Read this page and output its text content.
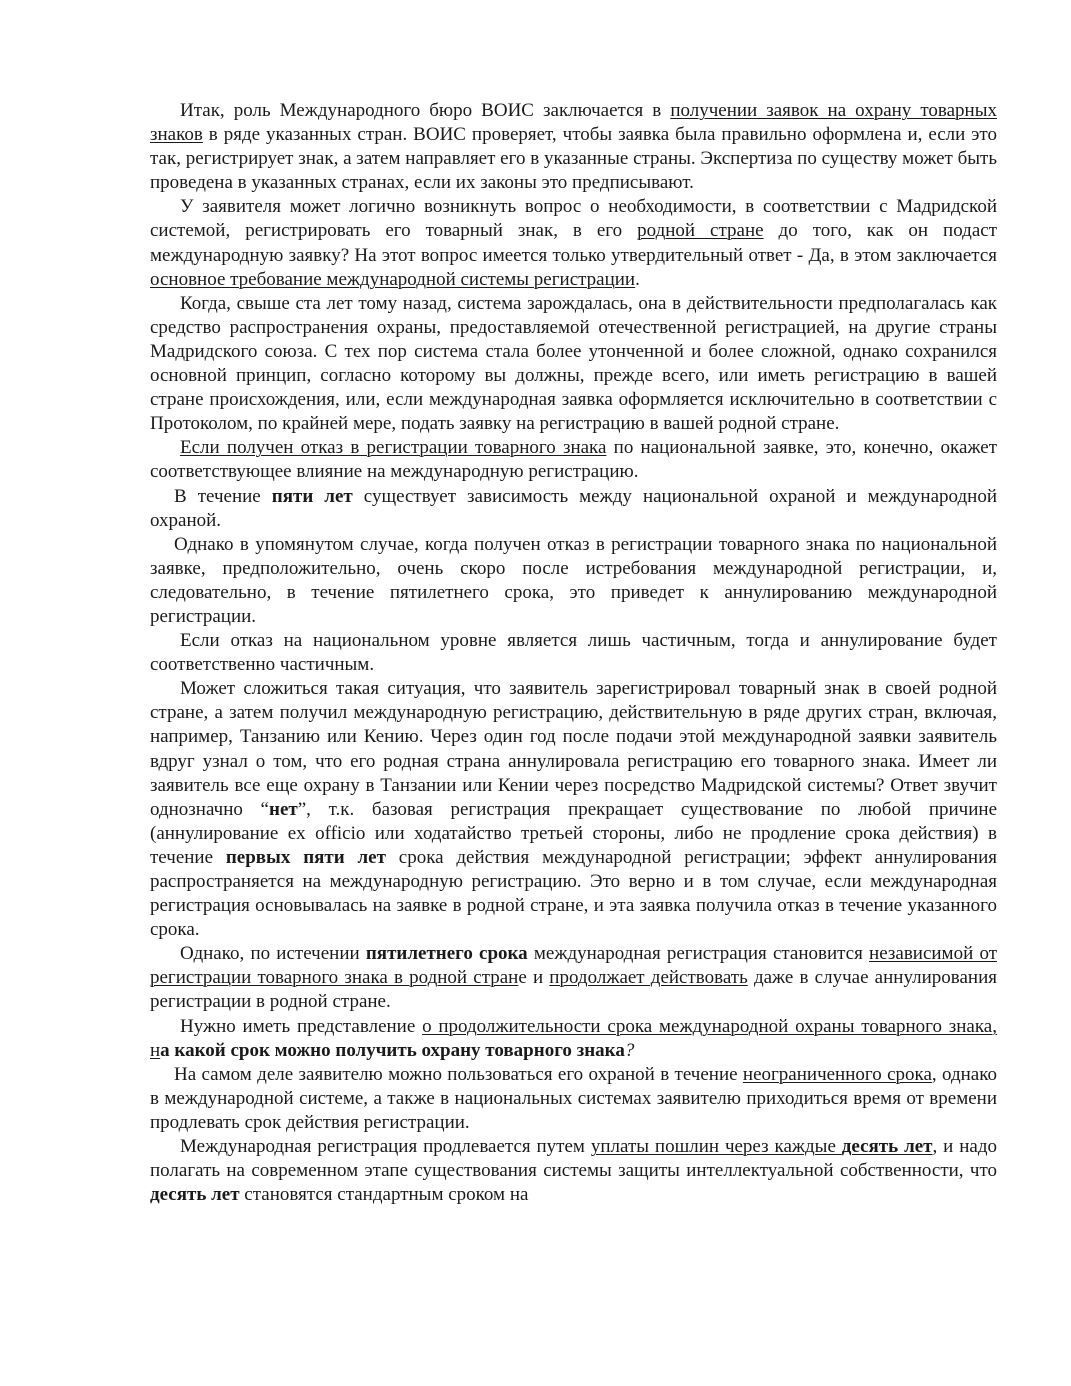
Итак, роль Международного бюро ВОИС заключается в получении заявок на охрану товарных знаков в ряде указанных стран. ВОИС проверяет, чтобы заявка была правильно оформлена и, если это так, регистрирует знак, а затем направляет его в указанные страны. Экспертиза по существу может быть проведена в указанных странах, если их законы это предписывают.

У заявителя может логично возникнуть вопрос о необходимости, в соответствии с Мадридской системой, регистрировать его товарный знак, в его родной стране до того, как он подаст международную заявку? На этот вопрос имеется только утвердительный ответ - Да, в этом заключается основное требование международной системы регистрации.

Когда, свыше ста лет тому назад, система зарождалась, она в действительности предполагалась как средство распространения охраны, предоставляемой отечественной регистрацией, на другие страны Мадридского союза. С тех пор система стала более утонченной и более сложной, однако сохранился основной принцип, согласно которому вы должны, прежде всего, или иметь регистрацию в вашей стране происхождения, или, если международная заявка оформляется исключительно в соответствии с Протоколом, по крайней мере, подать заявку на регистрацию в вашей родной стране.

Если получен отказ в регистрации товарного знака по национальной заявке, это, конечно, окажет соответствующее влияние на международную регистрацию.

В течение пяти лет существует зависимость между национальной охраной и международной охраной.

Однако в упомянутом случае, когда получен отказ в регистрации товарного знака по национальной заявке, предположительно, очень скоро после истребования международной регистрации, и, следовательно, в течение пятилетнего срока, это приведет к аннулированию международной регистрации.

Если отказ на национальном уровне является лишь частичным, тогда и аннулирование будет соответственно частичным.

Может сложиться такая ситуация, что заявитель зарегистрировал товарный знак в своей родной стране, а затем получил международную регистрацию, действительную в ряде других стран, включая, например, Танзанию или Кению. Через один год после подачи этой международной заявки заявитель вдруг узнал о том, что его родная страна аннулировала регистрацию его товарного знака. Имеет ли заявитель все еще охрану в Танзании или Кении через посредство Мадридской системы? Ответ звучит однозначно “нет”, т.к. базовая регистрация прекращает существование по любой причине (аннулирование ex officio или ходатайство третьей стороны, либо не продление срока действия) в течение первых пяти лет срока действия международной регистрации; эффект аннулирования распространяется на международную регистрацию. Это верно и в том случае, если международная регистрация основывалась на заявке в родной стране, и эта заявка получила отказ в течение указанного срока.

Однако, по истечении пятилетнего срока международная регистрация становится независимой от регистрации товарного знака в родной стране и продолжает действовать даже в случае аннулирования регистрации в родной стране.

Нужно иметь представление о продолжительности срока международной охраны товарного знака, на какой срок можно получить охрану товарного знака?

На самом деле заявителю можно пользоваться его охраной в течение неограниченного срока, однако в международной системе, а также в национальных системах заявителю приходиться время от времени продлевать срок действия регистрации.

Международная регистрация продлевается путем уплаты пошлин через каждые десять лет, и надо полагать на современном этапе существования системы защиты интеллектуальной собственности, что десять лет становятся стандартным сроком на
